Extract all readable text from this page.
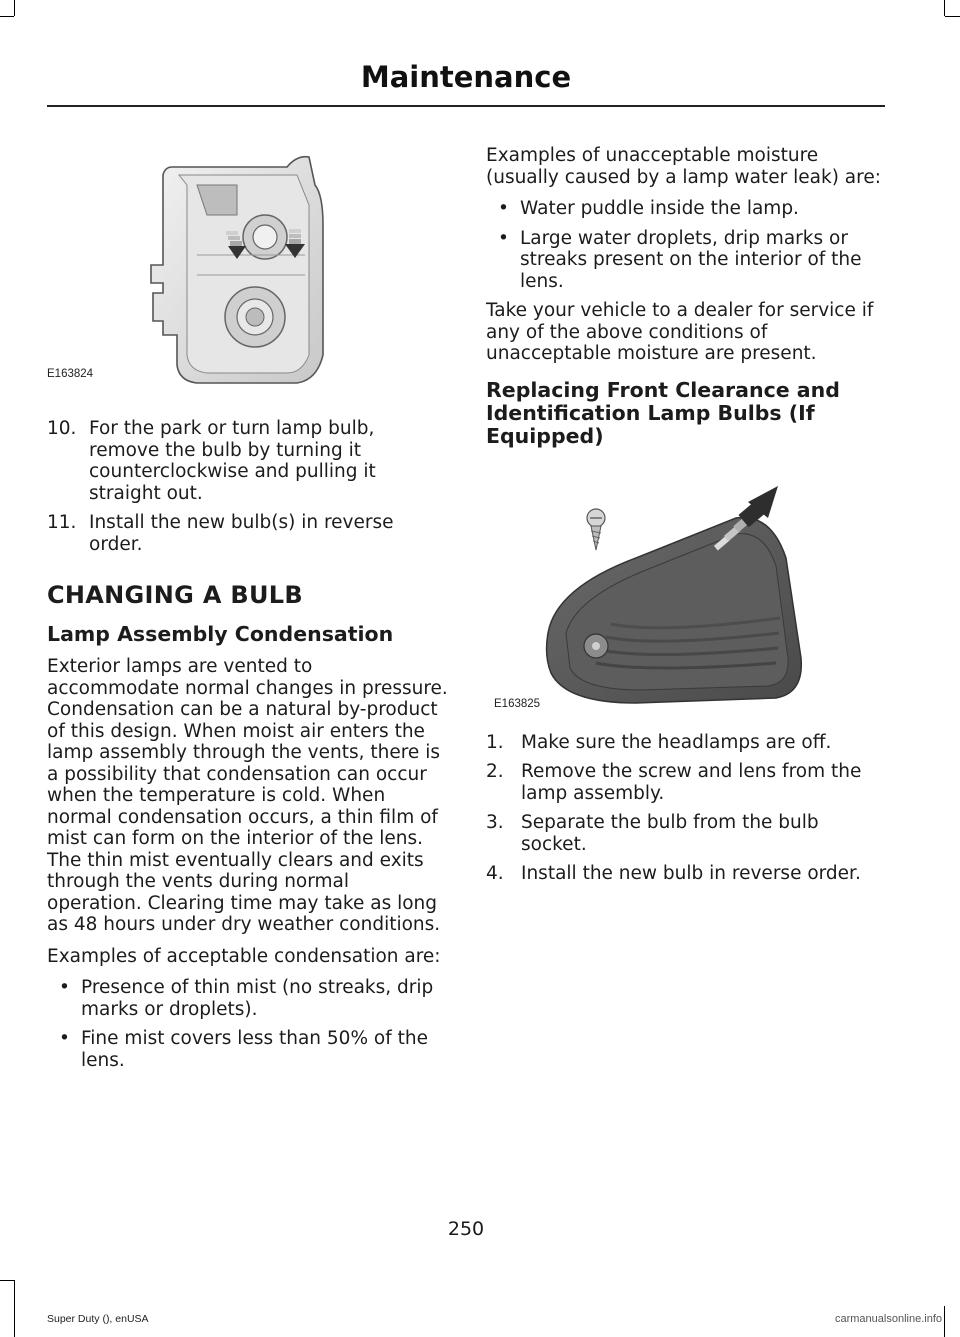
Maintenance
E163824
10. For the park or turn lamp bulb, remove the bulb by turning it counterclockwise and pulling it straight out.
11. Install the new bulb(s) in reverse order.
CHANGING A BULB
Lamp Assembly Condensation

Exterior lamps are vented to accommodate normal changes in pressure. Condensation can be a natural by-product of this design. When moist air enters the lamp assembly through the vents, there is a possibility that condensation can occur when the temperature is cold. When normal condensation occurs, a thin film of mist can form on the interior of the lens. The thin mist eventually clears and exits through the vents during normal operation. Clearing time may take as long as 48 hours under dry weather conditions.

Examples of acceptable condensation are:

• Presence of thin mist (no streaks, drip marks or droplets).
• Fine mist covers less than 50% of the lens.

Examples of unacceptable moisture (usually caused by a lamp water leak) are:

• Water puddle inside the lamp.
• Large water droplets, drip marks or streaks present on the interior of the lens.

Take your vehicle to a dealer for service if any of the above conditions of unacceptable moisture are present.

Replacing Front Clearance and Identification Lamp Bulbs (If Equipped)
E163825
1. Make sure the headlamps are off.
2. Remove the screw and lens from the lamp assembly.
3. Separate the bulb from the bulb socket.
4. Install the new bulb in reverse order.
250
Super Duty (), enUSA	carmanualsonline.info
